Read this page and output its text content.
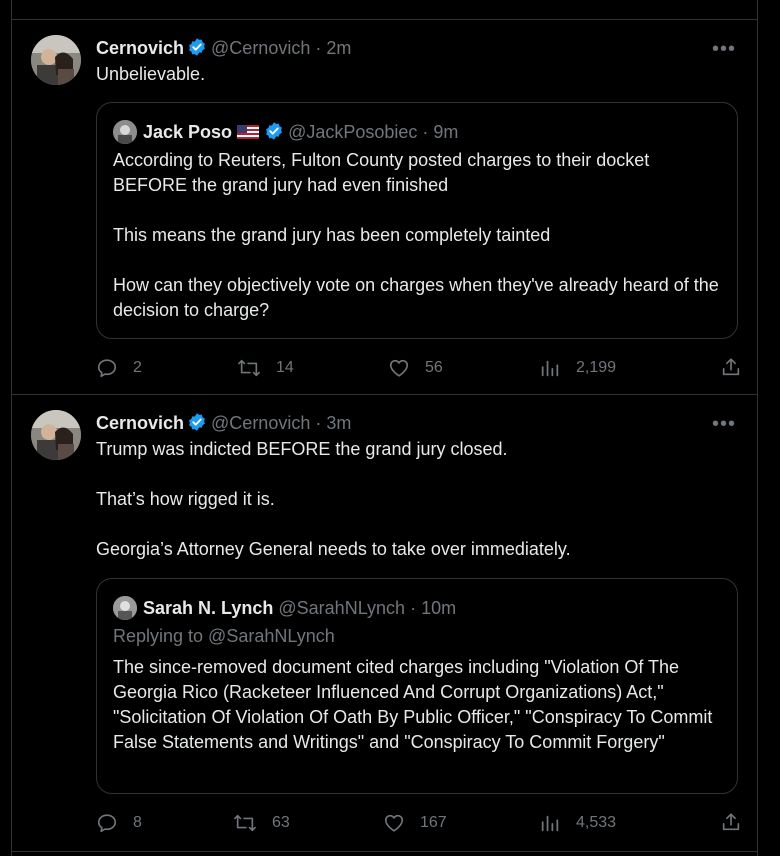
Cernovich @Cernovich · 2m	•••

Unbelievable.

Jack Poso	@JackPosobiec · 9m

According to Reuters, Fulton County posted charges to their docket BEFORE the grand jury had even finished

This means the grand jury has been completely tainted

How can they objectively vote on charges when they've already heard of the decision to charge?

2	14	56	2,199
Cernovich @Cernovich · 3m	•••

Trump was indicted BEFORE the grand jury closed.

That’s how rigged it is.

Georgia’s Attorney General needs to take over immediately.

Sarah N. Lynch @SarahNLynch · 10m
Replying to @SarahNLynch

The since-removed document cited charges including "Violation Of The Georgia Rico (Racketeer Influenced And Corrupt Organizations) Act," "Solicitation Of Violation Of Oath By Public Officer," "Conspiracy To Commit False Statements and Writings" and "Conspiracy To Commit Forgery"

8	63	167	4,533
